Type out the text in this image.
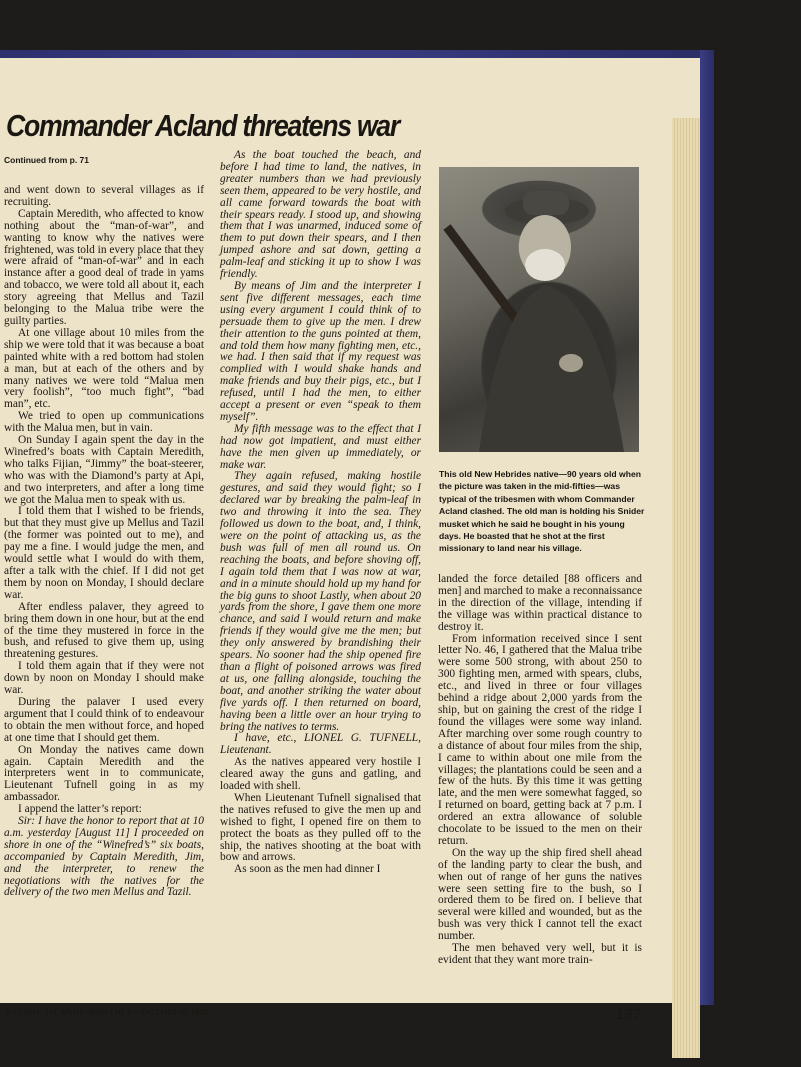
Commander Acland threatens war
Continued from p. 71

and went down to several villages as if recruiting.

Captain Meredith, who affected to know nothing about the “man-of-war”, and wanting to know why the natives were frightened, was told in every place that they were afraid of “man-of-war” and in each instance after a good deal of trade in yams and tobacco, we were told all about it, each story agreeing that Mellus and Tazil belonging to the Malua tribe were the guilty parties.

At one village about 10 miles from the ship we were told that it was because a boat painted white with a red bottom had stolen a man, but at each of the others and by many natives we were told “Malua men very foolish”, “too much fight”, “bad man”, etc.

We tried to open up communications with the Malua men, but in vain.

On Sunday I again spent the day in the Winefred’s boats with Captain Meredith, who talks Fijian, “Jimmy” the boat-steerer, who was with the Diamond’s party at Api, and two interpreters, and after a long time we got the Malua men to speak with us.

I told them that I wished to be friends, but that they must give up Mellus and Tazil (the former was pointed out to me), and pay me a fine. I would judge the men, and would settle what I would do with them, after a talk with the chief. If I did not get them by noon on Monday, I should declare war.

After endless palaver, they agreed to bring them down in one hour, but at the end of the time they mustered in force in the bush, and refused to give them up, using threatening gestures.

I told them again that if they were not down by noon on Monday I should make war.

During the palaver I used every argument that I could think of to endeavour to obtain the men without force, and hoped at one time that I should get them.

On Monday the natives came down again. Captain Meredith and the interpreters went in to communicate, Lieutenant Tufnell going in as my ambassador.

I append the latter’s report:

Sir: I have the honor to report that at 10 a.m. yesterday [August 11] I proceeded on shore in one of the “Winefred’s” six boats, accompanied by Captain Meredith, Jim, and the interpreter, to renew the negotiations with the natives for the delivery of the two men Mellus and Tazil.

As the boat touched the beach, and before I had time to land, the natives, in greater numbers than we had previously seen them, appeared to be very hostile, and all came forward towards the boat with their spears ready. I stood up, and showing them that I was unarmed, induced some of them to put down their spears, and I then jumped ashore and sat down, getting a palm-leaf and sticking it up to show I was friendly.

By means of Jim and the interpreter I sent five different messages, each time using every argument I could think of to persuade them to give up the men. I drew their attention to the guns pointed at them, and told them how many fighting men, etc., we had. I then said that if my request was complied with I would shake hands and make friends and buy their pigs, etc., but I refused, until I had the men, to either accept a present or even “speak to them myself”.

My fifth message was to the effect that I had now got impatient, and must either have the men given up immediately, or make war.

They again refused, making hostile gestures, and said they would fight; so I declared war by breaking the palm-leaf in two and throwing it into the sea. They followed us down to the boat, and, I think, were on the point of attacking us, as the bush was full of men all round us. On reaching the boats, and before shoving off, I again told them that I was now at war, and in a minute should hold up my hand for the big guns to shoot Lastly, when about 20 yards from the shore, I gave them one more chance, and said I would return and make friends if they would give me the men; but they only answered by brandishing their spears. No sooner had the ship opened fire than a flight of poisoned arrows was fired at us, one falling alongside, touching the boat, and another striking the water about five yards off. I then returned on board, having been a little over an hour trying to bring the natives to terms.

I have, etc., LIONEL G. TUFNELL, Lieutenant.

As the natives appeared very hostile I cleared away the guns and gatling, and loaded with shell.

When Lieutenant Tufnell signalised that the natives refused to give the men up and wished to fight, I opened fire on them to protect the boats as they pulled off to the ship, the natives shooting at the boat with bow and arrows.

As soon as the men had dinner I

This old New Hebrides native—90 years old when the picture was taken in the mid-fifties—was typical of the tribesmen with whom Commander Acland clashed. The old man is holding his Snider musket which he said he bought in his young days. He boasted that he shot at the first missionary to land near his village.

landed the force detailed [88 officers and men] and marched to make a reconnaissance in the direction of the village, intending if the village was within practical distance to destroy it.

From information received since I sent letter No. 46, I gathered that the Malua tribe were some 500 strong, with about 250 to 300 fighting men, armed with spears, clubs, etc., and lived in three or four villages behind a ridge about 2,000 yards from the ship, but on gaining the crest of the ridge I found the villages were some way inland. After marching over some rough country to a distance of about four miles from the ship, I came to within about one mile from the villages; the plantations could be seen and a few of the huts. By this time it was getting late, and the men were somewhat fagged, so I returned on board, getting back at 7 p.m. I ordered an extra allowance of soluble chocolate to be issued to the men on their return.

On the way up the ship fired shell ahead of the landing party to clear the bush, and when out of range of her guns the natives were seen setting fire to the bush, so I ordered them to be fired on. I believe that several were killed and wounded, but as the bush was very thick I cannot tell the exact number.

The men behaved very well, but it is evident that they want more train-

PACIFIC ISLANDS MONTHLY—OCTOBER, 1971	137
